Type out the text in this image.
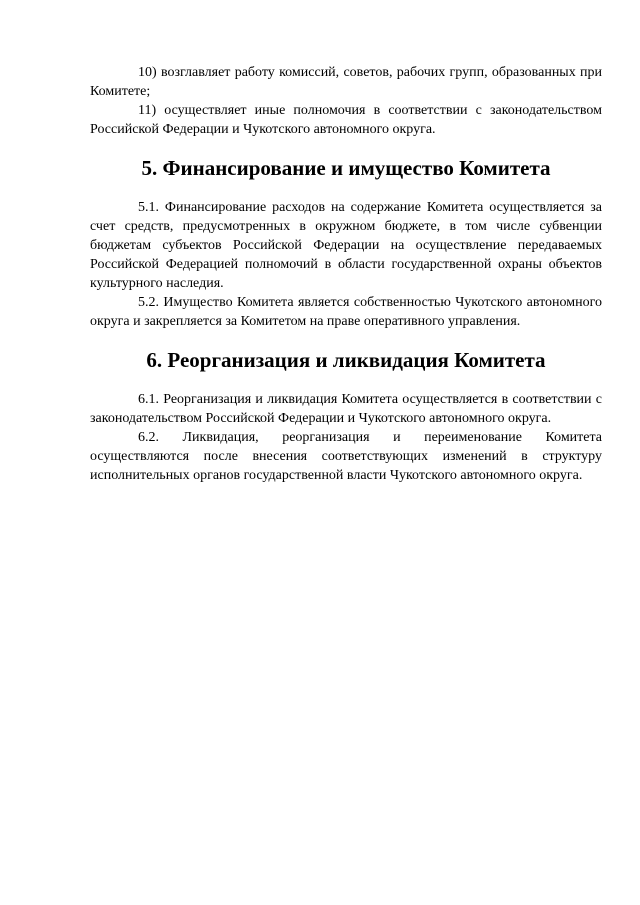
10) возглавляет работу комиссий, советов, рабочих групп, образованных при Комитете;

11) осуществляет иные полномочия в соответствии с законодательством Российской Федерации и Чукотского автономного округа.

5. Финансирование и имущество Комитета

5.1. Финансирование расходов на содержание Комитета осуществляется за счет средств, предусмотренных в окружном бюджете, в том числе субвенции бюджетам субъектов Российской Федерации на осуществление передаваемых Российской Федерацией полномочий в области государственной охраны объектов культурного наследия.

5.2. Имущество Комитета является собственностью Чукотского автономного округа и закрепляется за Комитетом на праве оперативного управления.

6. Реорганизация и ликвидация Комитета

6.1. Реорганизация и ликвидация Комитета осуществляется в соответствии с законодательством Российской Федерации и Чукотского автономного округа.

6.2. Ликвидация, реорганизация и переименование Комитета осуществляются после внесения соответствующих изменений в структуру исполнительных органов государственной власти Чукотского автономного округа.
